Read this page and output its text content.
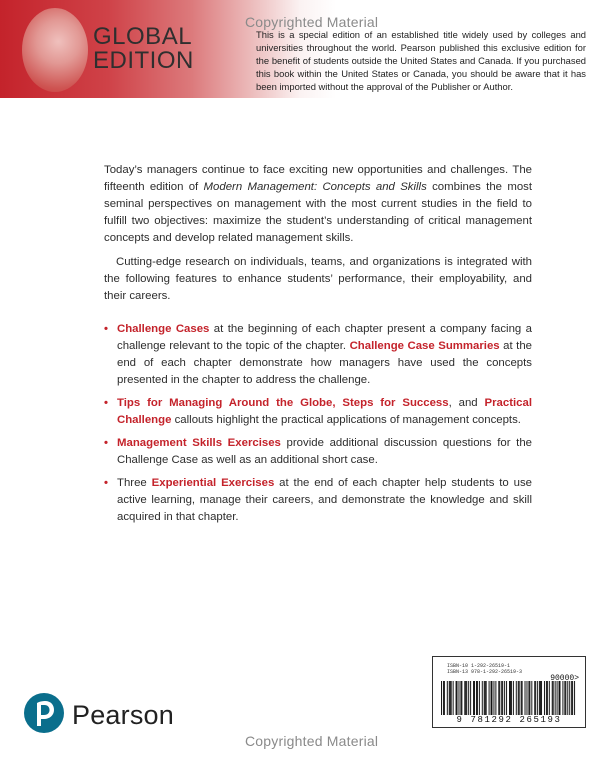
GLOBAL
EDITION
Copyrighted Material
This is a special edition of an established title widely used by colleges and universities throughout the world. Pearson published this exclusive edition for the benefit of students outside the United States and Canada. If you purchased this book within the United States or Canada, you should be aware that it has been imported without the approval of the Publisher or Author.

Today’s managers continue to face exciting new opportunities and challenges. The fifteenth edition of Modern Management: Concepts and Skills combines the most seminal perspectives on management with the most current studies in the field to fulfill two objectives: maximize the student’s understanding of critical management concepts and develop related management skills.

Cutting-edge research on individuals, teams, and organizations is integrated with the following features to enhance students’ performance, their employability, and their careers.

• Challenge Cases at the beginning of each chapter present a company facing a challenge relevant to the topic of the chapter. Challenge Case Summaries at the end of each chapter demonstrate how managers have used the concepts presented in the chapter to address the challenge.
• Tips for Managing Around the Globe, Steps for Success, and Practical Challenge callouts highlight the practical applications of management concepts.
• Management Skills Exercises provide additional discussion questions for the Challenge Case as well as an additional short case.
• Three Experiential Exercises at the end of each chapter help students to use active learning, manage their careers, and demonstrate the knowledge and skill acquired in that chapter.
ISBN-10 1-292-26519-1
ISBN-13 978-1-292-26519-3
90000>
9 781292 265193
Pearson
Copyrighted Material
